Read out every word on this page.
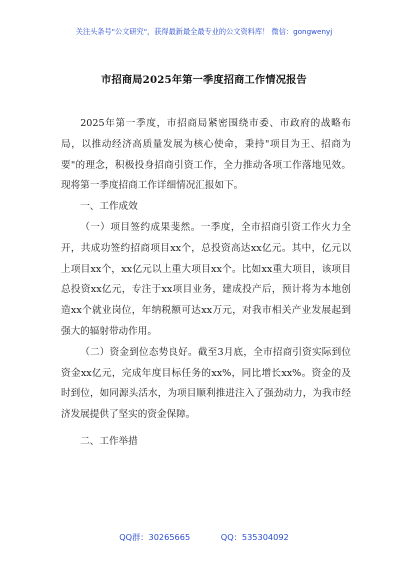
关注头条号"公文研究"，获得最新最全最专业的公文资料库！ 微信：gongwenyj
市招商局2025年第一季度招商工作情况报告

2025年第一季度，市招商局紧密围绕市委、市政府的战略布局，以推动经济高质量发展为核心使命，秉持"项目为王、招商为要"的理念，积极投身招商引资工作，全力推动各项工作落地见效。现将第一季度招商工作详细情况汇报如下。

一、工作成效

（一）项目签约成果斐然。一季度，全市招商引资工作火力全开，共成功签约招商项目xx个，总投资高达xx亿元。其中，亿元以上项目xx个，xx亿元以上重大项目xx个。比如xx重大项目，该项目总投资xx亿元，专注于xx项目业务，建成投产后，预计将为本地创造xx个就业岗位，年纳税额可达xx万元，对我市相关产业发展起到强大的辐射带动作用。

（二）资金到位态势良好。截至3月底，全市招商引资实际到位资金xx亿元，完成年度目标任务的xx%，同比增长xx%。资金的及时到位，如同源头活水，为项目顺利推进注入了强劲动力，为我市经济发展提供了坚实的资金保障。

二、工作举措

QQ群：30265665	QQ：535304092
